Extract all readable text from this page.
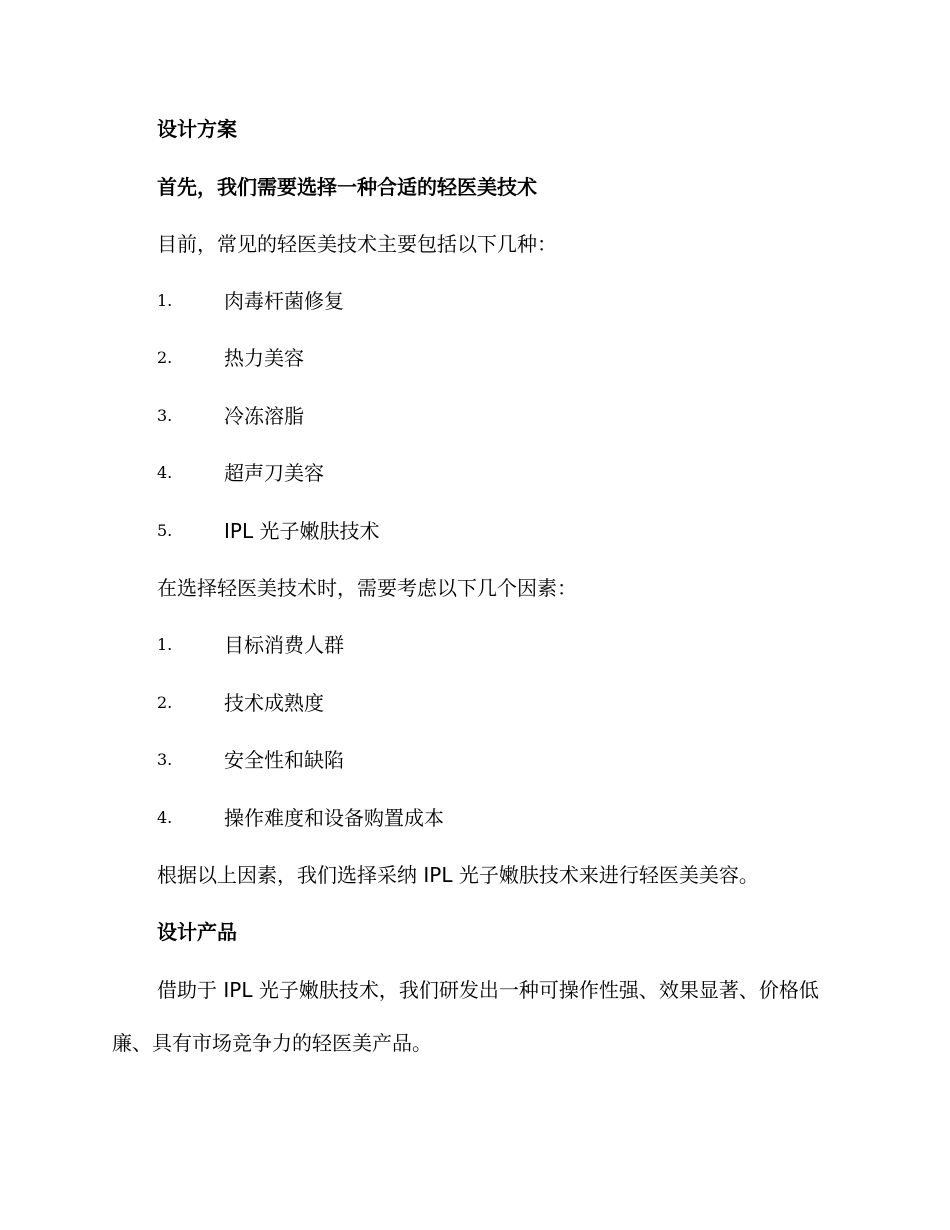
设计方案
首先，我们需要选择一种合适的轻医美技术
目前，常见的轻医美技术主要包括以下几种：
1.	肉毒杆菌修复
2.	热力美容
3.	冷冻溶脂
4.	超声刀美容
5.	IPL 光子嫩肤技术
在选择轻医美技术时，需要考虑以下几个因素：
1.	目标消费人群
2.	技术成熟度
3.	安全性和缺陷
4.	操作难度和设备购置成本
根据以上因素，我们选择采纳 IPL 光子嫩肤技术来进行轻医美美容。
设计产品
借助于 IPL 光子嫩肤技术，我们研发出一种可操作性强、效果显著、价格低廉、具有市场竞争力的轻医美产品。
